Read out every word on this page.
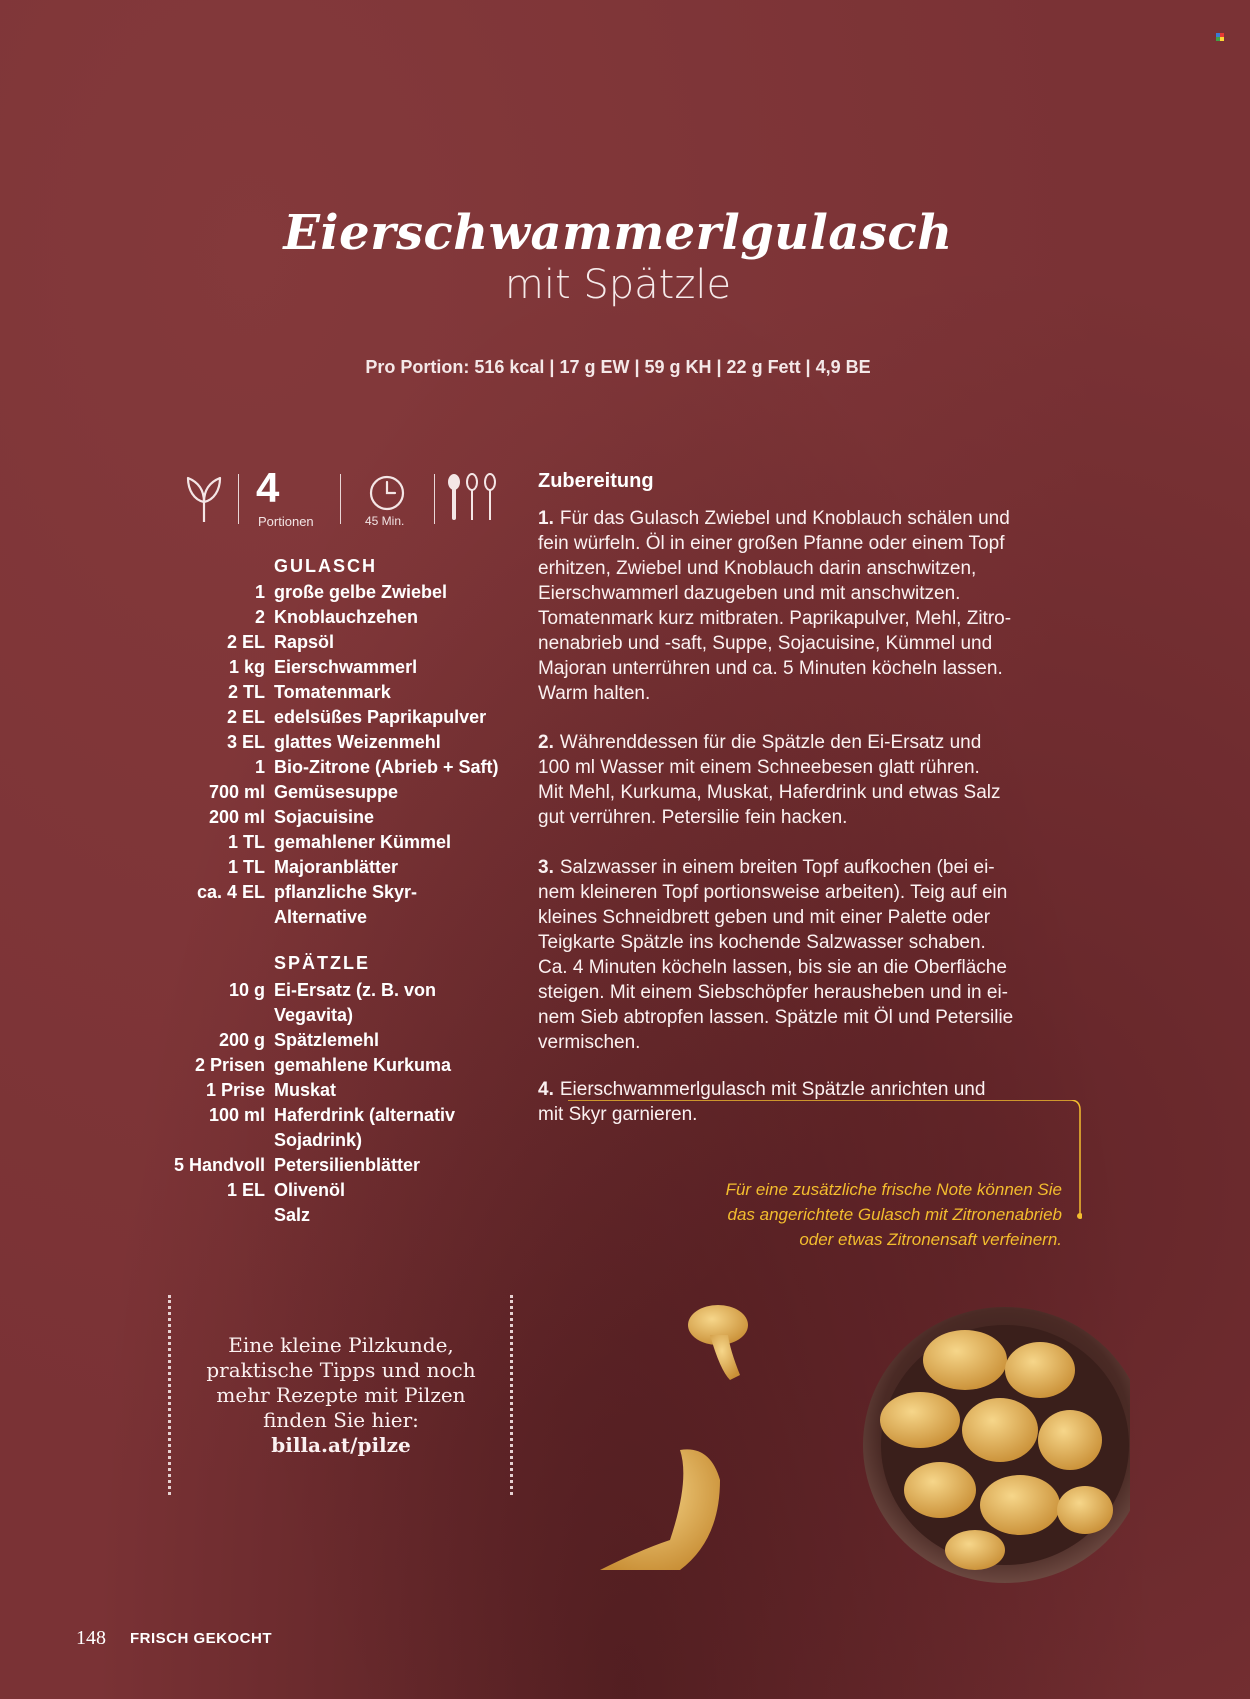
Eierschwammerlgulasch
mit Spätzle
Pro Portion: 516 kcal | 17 g EW | 59 g KH | 22 g Fett | 4,9 BE
4
Portionen	45 Min.
GULASCH
1 große gelbe Zwiebel
2 Knoblauchzehen
2 EL Rapsöl
1 kg Eierschwammerl
2 TL Tomatenmark
2 EL edelsüßes Paprikapulver
3 EL glattes Weizenmehl
1 Bio-Zitrone (Abrieb + Saft)
700 ml Gemüsesuppe
200 ml Sojacuisine
1 TL gemahlener Kümmel
1 TL Majoranblätter
ca. 4 EL pflanzliche Skyr-
Alternative
SPÄTZLE
10 g Ei-Ersatz (z. B. von
Vegavita)
200 g Spätzlemehl
2 Prisen gemahlene Kurkuma
1 Prise Muskat
100 ml Haferdrink (alternativ
Sojadrink)
5 Handvoll Petersilienblätter
1 EL Olivenöl
Salz
Zubereitung
1. Für das Gulasch Zwiebel und Knoblauch schälen und
fein würfeln. Öl in einer großen Pfanne oder einem Topf
erhitzen, Zwiebel und Knoblauch darin anschwitzen,
Eierschwammerl dazugeben und mit anschwitzen.
Tomatenmark kurz mitbraten. Paprikapulver, Mehl, Zitro-
nenabrieb und -saft, Suppe, Sojacuisine, Kümmel und
Majoran unterrühren und ca. 5 Minuten köcheln lassen.
Warm halten.
2. Währenddessen für die Spätzle den Ei-Ersatz und
100 ml Wasser mit einem Schneebesen glatt rühren.
Mit Mehl, Kurkuma, Muskat, Haferdrink und etwas Salz
gut verrühren. Petersilie fein hacken.
3. Salzwasser in einem breiten Topf aufkochen (bei ei-
nem kleineren Topf portionsweise arbeiten). Teig auf ein
kleines Schneidbrett geben und mit einer Palette oder
Teigkarte Spätzle ins kochende Salzwasser schaben.
Ca. 4 Minuten köcheln lassen, bis sie an die Oberfläche
steigen. Mit einem Siebschöpfer herausheben und in ei-
nem Sieb abtropfen lassen. Spätzle mit Öl und Petersilie
vermischen.
4. Eierschwammerlgulasch mit Spätzle anrichten und
mit Skyr garnieren.
Für eine zusätzliche frische Note können Sie
das angerichtete Gulasch mit Zitronenabrieb
oder etwas Zitronensaft verfeinern.
Eine kleine Pilzkunde,
praktische Tipps und noch
mehr Rezepte mit Pilzen
finden Sie hier:
billa.at/pilze
148 FRISCH GEKOCHT
